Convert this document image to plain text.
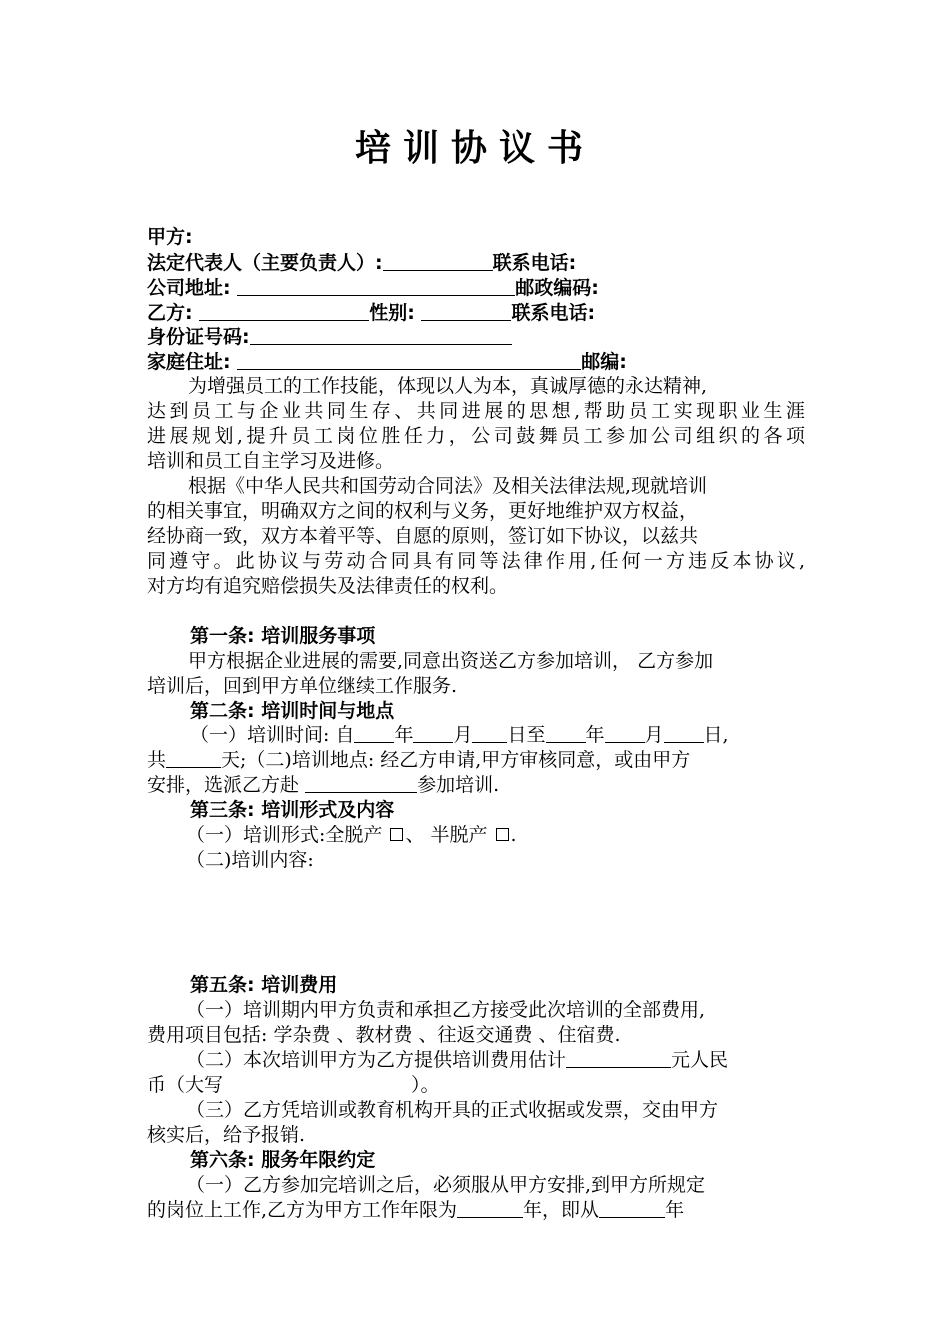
培训协议书
甲方:
法定代表人（主要负责人）:	联系电话:
公司地址:	邮政编码:
乙方:	性别:	联系电话:
身份证号码:
家庭住址:	邮编:
为增强员工的工作技能，体现以人为本，真诚厚德的永达精神,
达到员工与企业共同生存、共同进展的思想,帮助员工实现职业生涯
进展规划,提升员工岗位胜任力，公司鼓舞员工参加公司组织的各项
培训和员工自主学习及进修。
根据《中华人民共和国劳动合同法》及相关法律法规,现就培训
的相关事宜，明确双方之间的权利与义务，更好地维护双方权益，
经协商一致，双方本着平等、自愿的原则，签订如下协议，以兹共
同遵守。此协议与劳动合同具有同等法律作用,任何一方违反本协议,
对方均有追究赔偿损失及法律责任的权利。
第一条: 培训服务事项
甲方根据企业进展的需要,同意出资送乙方参加培训， 乙方参加
培训后，回到甲方单位继续工作服务.
第二条: 培训时间与地点
（一）培训时间: 自 年 月 日至 年 月 日,
共	天;（二)培训地点: 经乙方申请,甲方审核同意，或由甲方
安排，选派乙方赴	参加培训.
第三条: 培训形式及内容
（一）培训形式:全脱产 、 半脱产 .
（二)培训内容:
第五条: 培训费用
（一）培训期内甲方负责和承担乙方接受此次培训的全部费用,
费用项目包括: 学杂费 、教材费 、往返交通费 、住宿费.
（二）本次培训甲方为乙方提供培训费用估计	元人民
币（大写	）。
（三）乙方凭培训或教育机构开具的正式收据或发票，交由甲方
核实后，给予报销.
第六条: 服务年限约定
（一）乙方参加完培训之后，必须服从甲方安排,到甲方所规定
的岗位上工作,乙方为甲方工作年限为	年，即从	年
